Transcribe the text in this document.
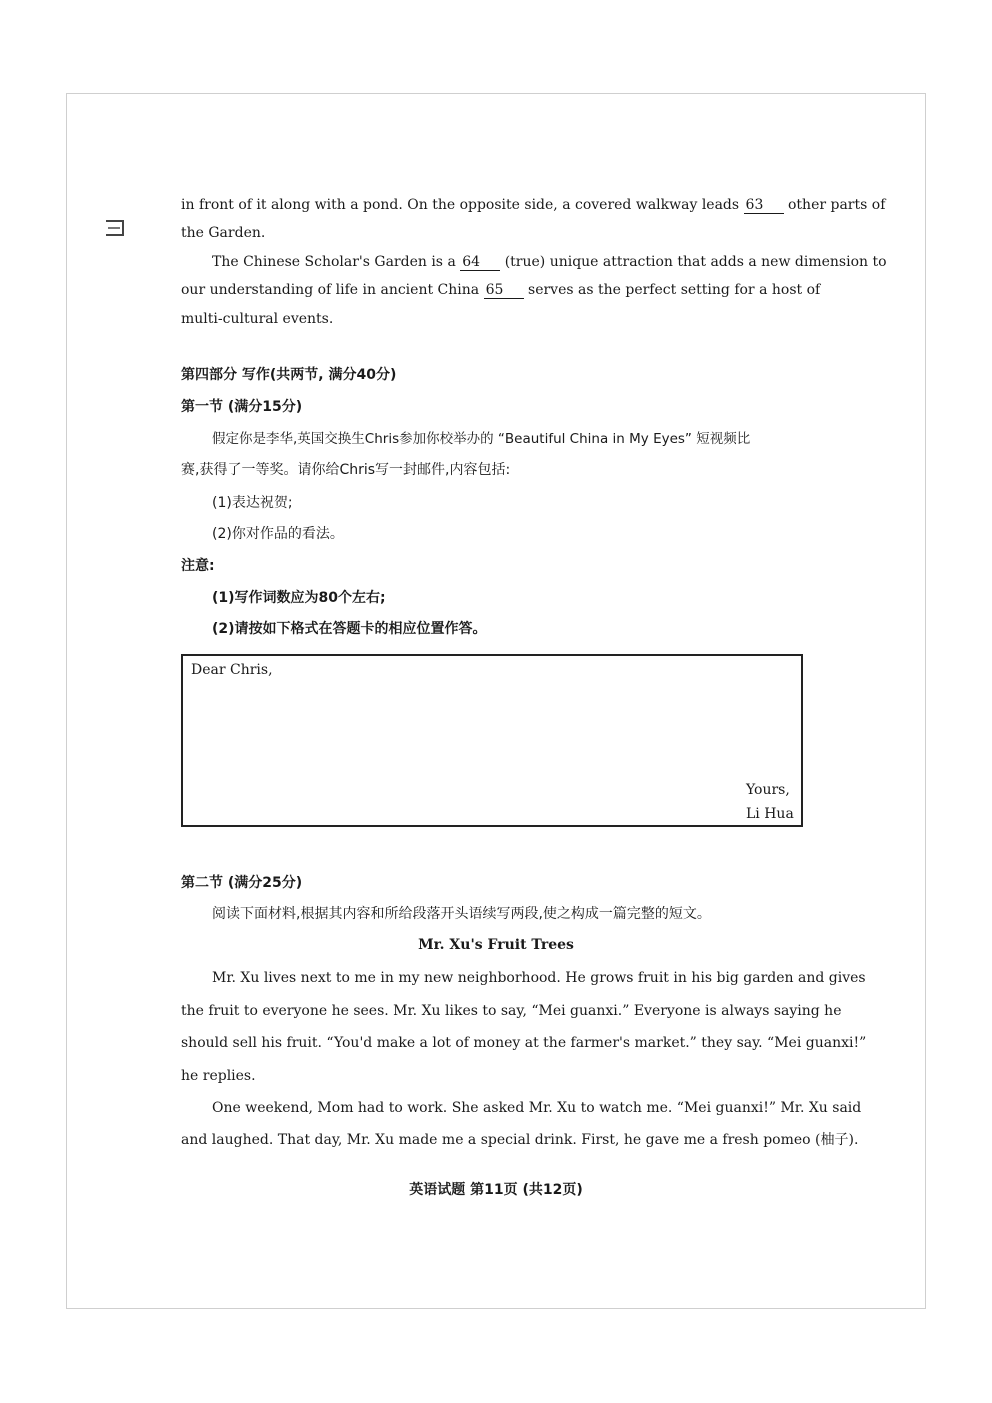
in front of it along with a pond. On the opposite side, a covered walkway leads 63 other parts of
the Garden.
The Chinese Scholar's Garden is a 64 (true) unique attraction that adds a new dimension to
our understanding of life in ancient China 65 serves as the perfect setting for a host of
multi-cultural events.
第四部分 写作(共两节, 满分40分)
第一节 (满分15分)
假定你是李华,英国交换生Chris参加你校举办的 “Beautiful China in My Eyes” 短视频比
赛,获得了一等奖。请你给Chris写一封邮件,内容包括:
(1)表达祝贺;
(2)你对作品的看法。
注意:
(1)写作词数应为80个左右;
(2)请按如下格式在答题卡的相应位置作答。
Dear Chris,
Yours,
Li Hua
第二节 (满分25分)
阅读下面材料,根据其内容和所给段落开头语续写两段,使之构成一篇完整的短文。
Mr. Xu's Fruit Trees
Mr. Xu lives next to me in my new neighborhood. He grows fruit in his big garden and gives
the fruit to everyone he sees. Mr. Xu likes to say, “Mei guanxi.” Everyone is always saying he
should sell his fruit. “You'd make a lot of money at the farmer's market.” they say. “Mei guanxi!”
he replies.
One weekend, Mom had to work. She asked Mr. Xu to watch me. “Mei guanxi!” Mr. Xu said
and laughed. That day, Mr. Xu made me a special drink. First, he gave me a fresh pomeo (柚子).
英语试题 第11页 (共12页)
